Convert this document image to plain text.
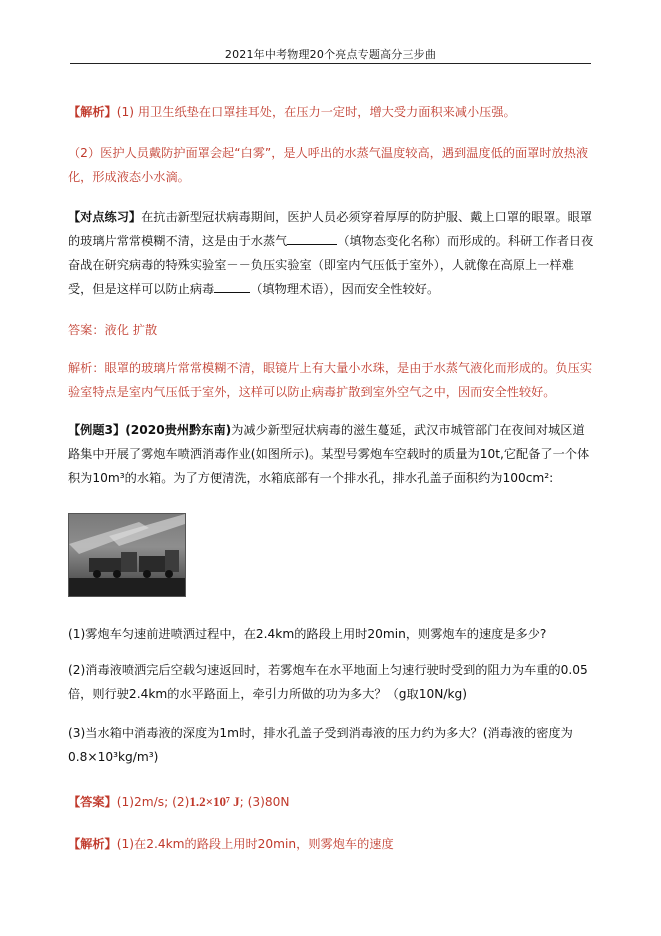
2021年中考物理20个亮点专题高分三步曲

【解析】(1) 用卫生纸垫在口罩挂耳处，在压力一定时，增大受力面积来减小压强。

（2）医护人员戴防护面罩会起“白雾”，是人呼出的水蒸气温度较高，遇到温度低的面罩时放热液化，形成液态小水滴。

【对点练习】在抗击新型冠状病毒期间，医护人员必须穿着厚厚的防护服、戴上口罩的眼罩。眼罩的玻璃片常常模糊不清，这是由于水蒸气	（填物态变化名称）而形成的。科研工作者日夜奋战在研究病毒的特殊实验室－－负压实验室（即室内气压低于室外），人就像在高原上一样难受，但是这样可以防止病毒	（填物理术语），因而安全性较好。

答案：液化 扩散

解析：眼罩的玻璃片常常模糊不清，眼镜片上有大量小水珠，是由于水蒸气液化而形成的。负压实验室特点是室内气压低于室外，这样可以防止病毒扩散到室外空气之中，因而安全性较好。

【例题3】(2020贵州黔东南)为减少新型冠状病毒的滋生蔓延，武汉市城管部门在夜间对城区道路集中开展了雾炮车喷洒消毒作业(如图所示)。某型号雾炮车空载时的质量为10t,它配备了一个体积为10m³的水箱。为了方便清洗，水箱底部有一个排水孔，排水孔盖子面积约为100cm²:

(1)雾炮车匀速前进喷洒过程中，在2.4km的路段上用时20min，则雾炮车的速度是多少?

(2)消毒液喷洒完后空载匀速返回时，若雾炮车在水平地面上匀速行驶时受到的阻力为车重的0.05倍，则行驶2.4km的水平路面上，牵引力所做的功为多大？（g取10N/kg)

(3)当水箱中消毒液的深度为1m时，排水孔盖子受到消毒液的压力约为多大？(消毒液的密度为0.8×10³kg/m³)

【答案】(1)2m/s; (2)1.2×10⁷ J; (3)80N

【解析】(1)在2.4km的路段上用时20min，则雾炮车的速度
